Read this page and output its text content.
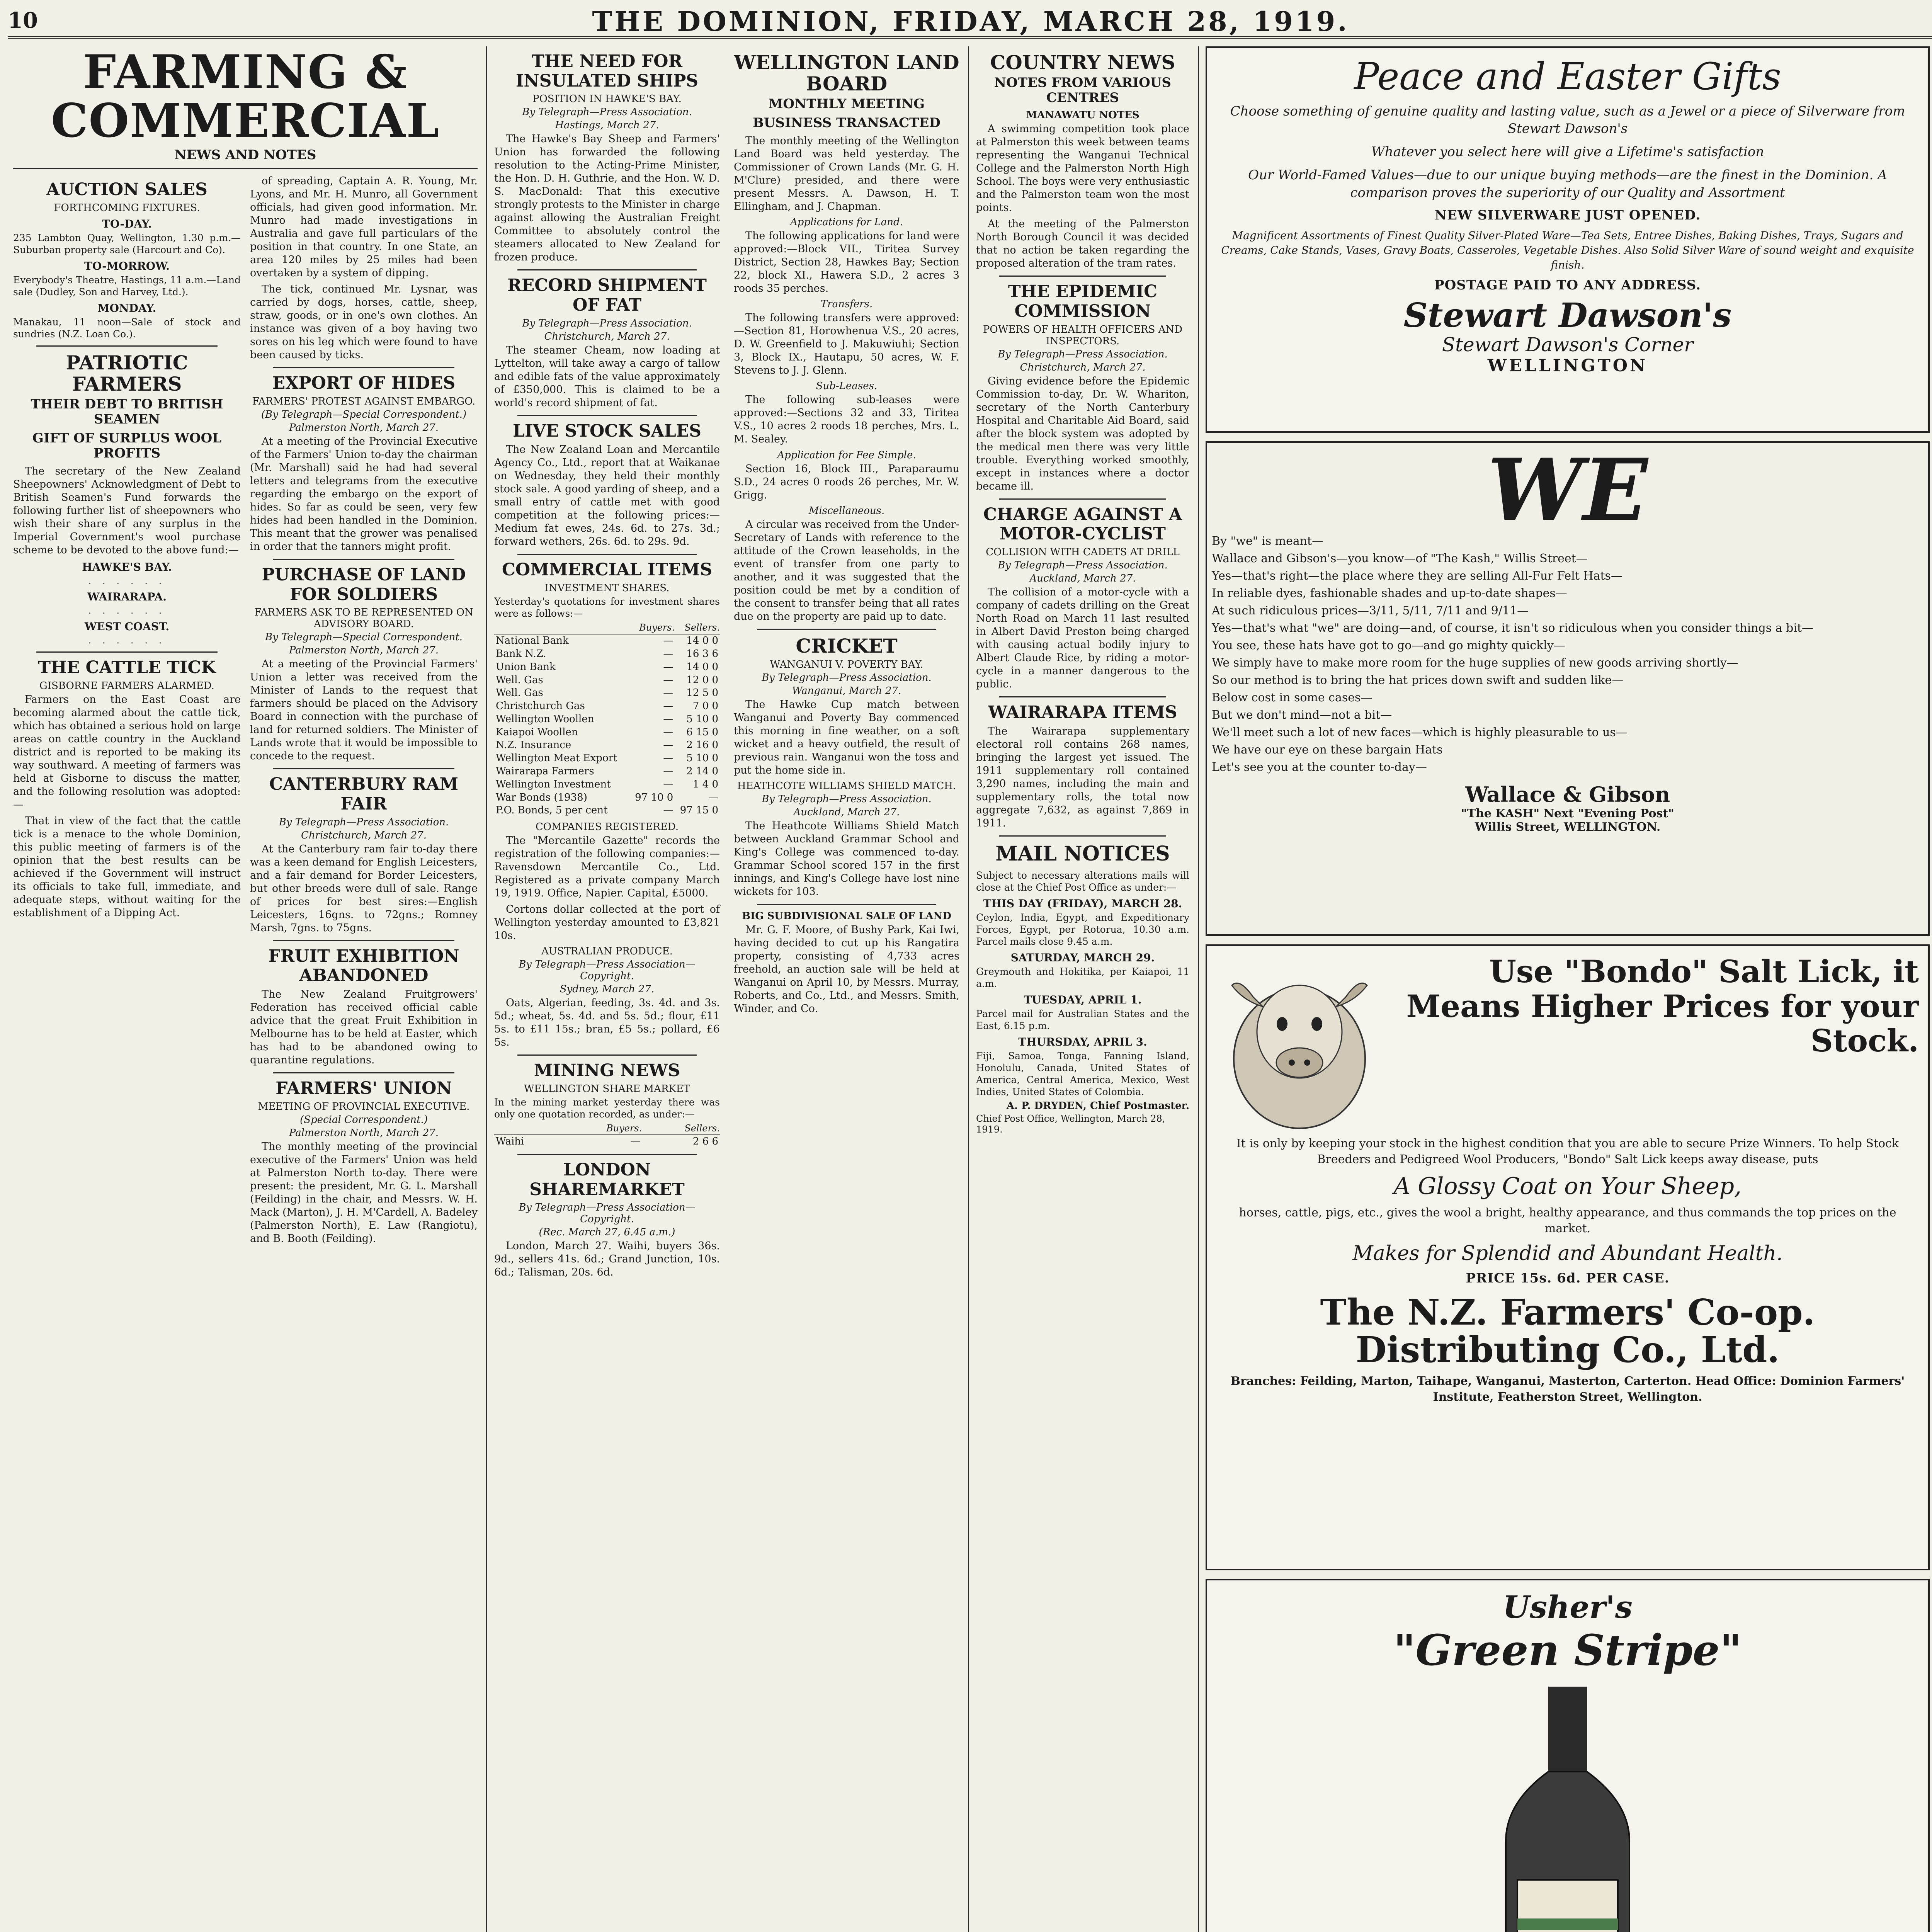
10	THE DOMINION, FRIDAY, MARCH 28, 1919.
FARMING & COMMERCIAL
NEWS AND NOTES
AUCTION SALES
FORTHCOMING FIXTURES.
TO-DAY.
235 Lambton Quay, Wellington, 1.30 p.m.—Suburban property sale (Harcourt and Co).
TO-MORROW.
Everybody's Theatre, Hastings, 11 a.m.—Land sale (Dudley, Son and Harvey, Ltd.).
MONDAY.
Manakau, 11 noon—Sale of stock and sundries (N.Z. Loan Co.).
PATRIOTIC FARMERS
THEIR DEBT TO BRITISH SEAMEN
GIFT OF SURPLUS WOOL PROFITS
The secretary of the New Zealand Sheepowners' Acknowledgment of Debt to British Seamen's Fund forwards the following further list of sheepowners who wish their share of any surplus in the Imperial Government's wool purchase scheme to be devoted to the above fund:—
HAWKE'S BAY.
. . . . . .
WAIRARAPA.
. . . . . .
WEST COAST.
. . . . . .
THE CATTLE TICK
GISBORNE FARMERS ALARMED.
Farmers on the East Coast are becoming alarmed about the cattle tick, which has obtained a serious hold on large areas on cattle country in the Auckland district and is reported to be making its way southward. A meeting of farmers was held at Gisborne to discuss the matter, and the following resolution was adopted:—
That in view of the fact that the cattle tick is a menace to the whole Dominion, this public meeting of farmers is of the opinion that the best results can be achieved if the Government will instruct its officials to take full, immediate, and adequate steps, without waiting for the establishment of a Dipping Act.
of spreading, Captain A. R. Young, Mr. Lyons, and Mr. H. Munro, all Government officials, had given good information. Mr. Munro had made investigations in Australia and gave full particulars of the position in that country. In one State, an area 120 miles by 25 miles had been overtaken by a system of dipping.
The tick, continued Mr. Lysnar, was carried by dogs, horses, cattle, sheep, straw, goods, or in one's own clothes. An instance was given of a boy having two sores on his leg which were found to have been caused by ticks.
EXPORT OF HIDES
FARMERS' PROTEST AGAINST EMBARGO.
(By Telegraph—Special Correspondent.)
Palmerston North, March 27.
At a meeting of the Provincial Executive of the Farmers' Union to-day the chairman (Mr. Marshall) said he had had several letters and telegrams from the executive regarding the embargo on the export of hides. So far as could be seen, very few hides had been handled in the Dominion. This meant that the grower was penalised in order that the tanners might profit.
PURCHASE OF LAND FOR SOLDIERS
FARMERS ASK TO BE REPRESENTED ON ADVISORY BOARD.
By Telegraph—Special Correspondent.
Palmerston North, March 27.
At a meeting of the Provincial Farmers' Union a letter was received from the Minister of Lands to the request that farmers should be placed on the Advisory Board in connection with the purchase of land for returned soldiers. The Minister of Lands wrote that it would be impossible to concede to the request.
CANTERBURY RAM FAIR
By Telegraph—Press Association.
Christchurch, March 27.
At the Canterbury ram fair to-day there was a keen demand for English Leicesters, and a fair demand for Border Leicesters, but other breeds were dull of sale. Range of prices for best sires:—English Leicesters, 16gns. to 72gns.; Romney Marsh, 7gns. to 75gns.
FRUIT EXHIBITION ABANDONED
The New Zealand Fruitgrowers' Federation has received official cable advice that the great Fruit Exhibition in Melbourne has to be held at Easter, which has had to be abandoned owing to quarantine regulations.
FARMERS' UNION
MEETING OF PROVINCIAL EXECUTIVE.
(Special Correspondent.)
Palmerston North, March 27.
The monthly meeting of the provincial executive of the Farmers' Union was held at Palmerston North to-day. There were present: the president, Mr. G. L. Marshall (Feilding) in the chair, and Messrs. W. H. Mack (Marton), J. H. M'Cardell, A. Badeley (Palmerston North), E. Law (Rangiotu), and B. Booth (Feilding).
THE NEED FOR INSULATED SHIPS
POSITION IN HAWKE'S BAY.
By Telegraph—Press Association.
Hastings, March 27.
The Hawke's Bay Sheep and Farmers' Union has forwarded the following resolution to the Acting-Prime Minister, the Hon. D. H. Guthrie, and the Hon. W. D. S. MacDonald: That this executive strongly protests to the Minister in charge against allowing the Australian Freight Committee to absolutely control the steamers allocated to New Zealand for frozen produce.
RECORD SHIPMENT OF FAT
By Telegraph—Press Association.
Christchurch, March 27.
The steamer Cheam, now loading at Lyttelton, will take away a cargo of tallow and edible fats of the value approximately of £350,000. This is claimed to be a world's record shipment of fat.
LIVE STOCK SALES
The New Zealand Loan and Mercantile Agency Co., Ltd., report that at Waikanae on Wednesday, they held their monthly stock sale. A good yarding of sheep, and a small entry of cattle met with good competition at the following prices:—Medium fat ewes, 24s. 6d. to 27s. 3d.; forward wethers, 26s. 6d. to 29s. 9d.
COMMERCIAL ITEMS
INVESTMENT SHARES.
Yesterday's quotations for investment shares were as follows:—
	Buyers.	Sellers.
National Bank	—	14 0 0
Bank N.Z.	—	16 3 6
Union Bank	—	14 0 0
Well. Gas	—	12 0 0
Well. Gas	—	12 5 0
Christchurch Gas	—	7 0 0
Wellington Woollen	—	5 10 0
Kaiapoi Woollen	—	6 15 0
N.Z. Insurance	—	2 16 0
Wellington Meat Export	—	5 10 0
Wairarapa Farmers	—	2 14 0
Wellington Investment	—	1 4 0
War Bonds (1938)	97 10 0	—
P.O. Bonds, 5 per cent	—	97 15 0
COMPANIES REGISTERED.
The "Mercantile Gazette" records the registration of the following companies:—Ravensdown Mercantile Co., Ltd. Registered as a private company March 19, 1919. Office, Napier. Capital, £5000.
Cortons dollar collected at the port of Wellington yesterday amounted to £3,821 10s.
AUSTRALIAN PRODUCE.
By Telegraph—Press Association—Copyright.
Sydney, March 27.
Oats, Algerian, feeding, 3s. 4d. and 3s. 5d.; wheat, 5s. 4d. and 5s. 5d.; flour, £11 5s. to £11 15s.; bran, £5 5s.; pollard, £6 5s.
MINING NEWS
WELLINGTON SHARE MARKET
In the mining market yesterday there was only one quotation recorded, as under:—
	Buyers.	Sellers.
Waihi	—	2 6 6
LONDON SHAREMARKET
By Telegraph—Press Association—Copyright.
(Rec. March 27, 6.45 a.m.)
London, March 27. Waihi, buyers 36s. 9d., sellers 41s. 6d.; Grand Junction, 10s. 6d.; Talisman, 20s. 6d.
WELLINGTON LAND BOARD
MONTHLY MEETING
BUSINESS TRANSACTED
The monthly meeting of the Wellington Land Board was held yesterday. The Commissioner of Crown Lands (Mr. G. H. M'Clure) presided, and there were present Messrs. A. Dawson, H. T. Ellingham, and J. Chapman.
Applications for Land.
The following applications for land were approved:—Block VII., Tiritea Survey District, Section 28, Hawkes Bay; Section 22, block XI., Hawera S.D., 2 acres 3 roods 35 perches.
Transfers.
The following transfers were approved:—Section 81, Horowhenua V.S., 20 acres, D. W. Greenfield to J. Makuwiuhi; Section 3, Block IX., Hautapu, 50 acres, W. F. Stevens to J. J. Glenn.
Sub-Leases.
The following sub-leases were approved:—Sections 32 and 33, Tiritea V.S., 10 acres 2 roods 18 perches, Mrs. L. M. Sealey.
Application for Fee Simple.
Section 16, Block III., Paraparaumu S.D., 24 acres 0 roods 26 perches, Mr. W. Grigg.
Miscellaneous.
A circular was received from the Under-Secretary of Lands with reference to the attitude of the Crown leaseholds, in the event of transfer from one party to another, and it was suggested that the position could be met by a condition of the consent to transfer being that all rates due on the property are paid up to date.
CRICKET
WANGANUI V. POVERTY BAY.
By Telegraph—Press Association.
Wanganui, March 27.
The Hawke Cup match between Wanganui and Poverty Bay commenced this morning in fine weather, on a soft wicket and a heavy outfield, the result of previous rain. Wanganui won the toss and put the home side in.
HEATHCOTE WILLIAMS SHIELD MATCH.
By Telegraph—Press Association.
Auckland, March 27.
The Heathcote Williams Shield Match between Auckland Grammar School and King's College was commenced to-day. Grammar School scored 157 in the first innings, and King's College have lost nine wickets for 103.
BIG SUBDIVISIONAL SALE OF LAND
Mr. G. F. Moore, of Bushy Park, Kai Iwi, having decided to cut up his Rangatira property, consisting of 4,733 acres freehold, an auction sale will be held at Wanganui on April 10, by Messrs. Murray, Roberts, and Co., Ltd., and Messrs. Smith, Winder, and Co.
COUNTRY NEWS
NOTES FROM VARIOUS CENTRES
MANAWATU NOTES
A swimming competition took place at Palmerston this week between teams representing the Wanganui Technical College and the Palmerston North High School. The boys were very enthusiastic and the Palmerston team won the most points.
At the meeting of the Palmerston North Borough Council it was decided that no action be taken regarding the proposed alteration of the tram rates.
THE EPIDEMIC COMMISSION
POWERS OF HEALTH OFFICERS AND INSPECTORS.
By Telegraph—Press Association.
Christchurch, March 27.
Giving evidence before the Epidemic Commission to-day, Dr. W. Whariton, secretary of the North Canterbury Hospital and Charitable Aid Board, said after the block system was adopted by the medical men there was very little trouble. Everything worked smoothly, except in instances where a doctor became ill.
CHARGE AGAINST A MOTOR-CYCLIST
COLLISION WITH CADETS AT DRILL
By Telegraph—Press Association.
Auckland, March 27.
The collision of a motor-cycle with a company of cadets drilling on the Great North Road on March 11 last resulted in Albert David Preston being charged with causing actual bodily injury to Albert Claude Rice, by riding a motor-cycle in a manner dangerous to the public.
WAIRARAPA ITEMS
The Wairarapa supplementary electoral roll contains 268 names, bringing the largest yet issued. The 1911 supplementary roll contained 3,290 names, including the main and supplementary rolls, the total now aggregate 7,632, as against 7,869 in 1911.
MAIL NOTICES
Subject to necessary alterations mails will close at the Chief Post Office as under:—
THIS DAY (FRIDAY), MARCH 28.
Ceylon, India, Egypt, and Expeditionary Forces, Egypt, per Rotorua, 10.30 a.m. Parcel mails close 9.45 a.m.
SATURDAY, MARCH 29.
Greymouth and Hokitika, per Kaiapoi, 11 a.m.
TUESDAY, APRIL 1.
Parcel mail for Australian States and the East, 6.15 p.m.
THURSDAY, APRIL 3.
Fiji, Samoa, Tonga, Fanning Island, Honolulu, Canada, United States of America, Central America, Mexico, West Indies, United States of Colombia.
A. P. DRYDEN, Chief Postmaster.
Chief Post Office, Wellington, March 28, 1919.
Peace and Easter Gifts
Choose something of genuine quality and lasting value, such as a Jewel or a piece of Silverware from Stewart Dawson's
Whatever you select here will give a Lifetime's satisfaction
Our World-Famed Values—due to our unique buying methods—are the finest in the Dominion. A comparison proves the superiority of our Quality and Assortment
NEW SILVERWARE JUST OPENED.
Magnificent Assortments of Finest Quality Silver-Plated Ware—Tea Sets, Entree Dishes, Baking Dishes, Trays, Sugars and Creams, Cake Stands, Vases, Gravy Boats, Casseroles, Vegetable Dishes. Also Solid Silver Ware of sound weight and exquisite finish.
POSTAGE PAID TO ANY ADDRESS.
Stewart Dawson's
Stewart Dawson's Corner
WELLINGTON
WE
By "we" is meant—
Wallace and Gibson's—you know—of "The Kash," Willis Street—
Yes—that's right—the place where they are selling All-Fur Felt Hats—
In reliable dyes, fashionable shades and up-to-date shapes—
At such ridiculous prices—3/11, 5/11, 7/11 and 9/11—
Yes—that's what "we" are doing—and, of course, it isn't so ridiculous when you consider things a bit—
You see, these hats have got to go—and go mighty quickly—
We simply have to make more room for the huge supplies of new goods arriving shortly—
So our method is to bring the hat prices down swift and sudden like—
Below cost in some cases—
But we don't mind—not a bit—
We'll meet such a lot of new faces—which is highly pleasurable to us—
We have our eye on these bargain Hats
Let's see you at the counter to-day—
Wallace & Gibson
"The KASH" Next "Evening Post"
Willis Street, WELLINGTON.
Use "Bondo" Salt Lick, it Means Higher Prices for your Stock.
It is only by keeping your stock in the highest condition that you are able to secure Prize Winners. To help Stock Breeders and Pedigreed Wool Producers, "Bondo" Salt Lick keeps away disease, puts
A Glossy Coat on Your Sheep,
horses, cattle, pigs, etc., gives the wool a bright, healthy appearance, and thus commands the top prices on the market.
Makes for Splendid and Abundant Health.
PRICE 15s. 6d. PER CASE.
The N.Z. Farmers' Co-op. Distributing Co., Ltd.
Branches: Feilding, Marton, Taihape, Wanganui, Masterton, Carterton. Head Office: Dominion Farmers' Institute, Featherston Street, Wellington.
Usher's
"Green Stripe"
